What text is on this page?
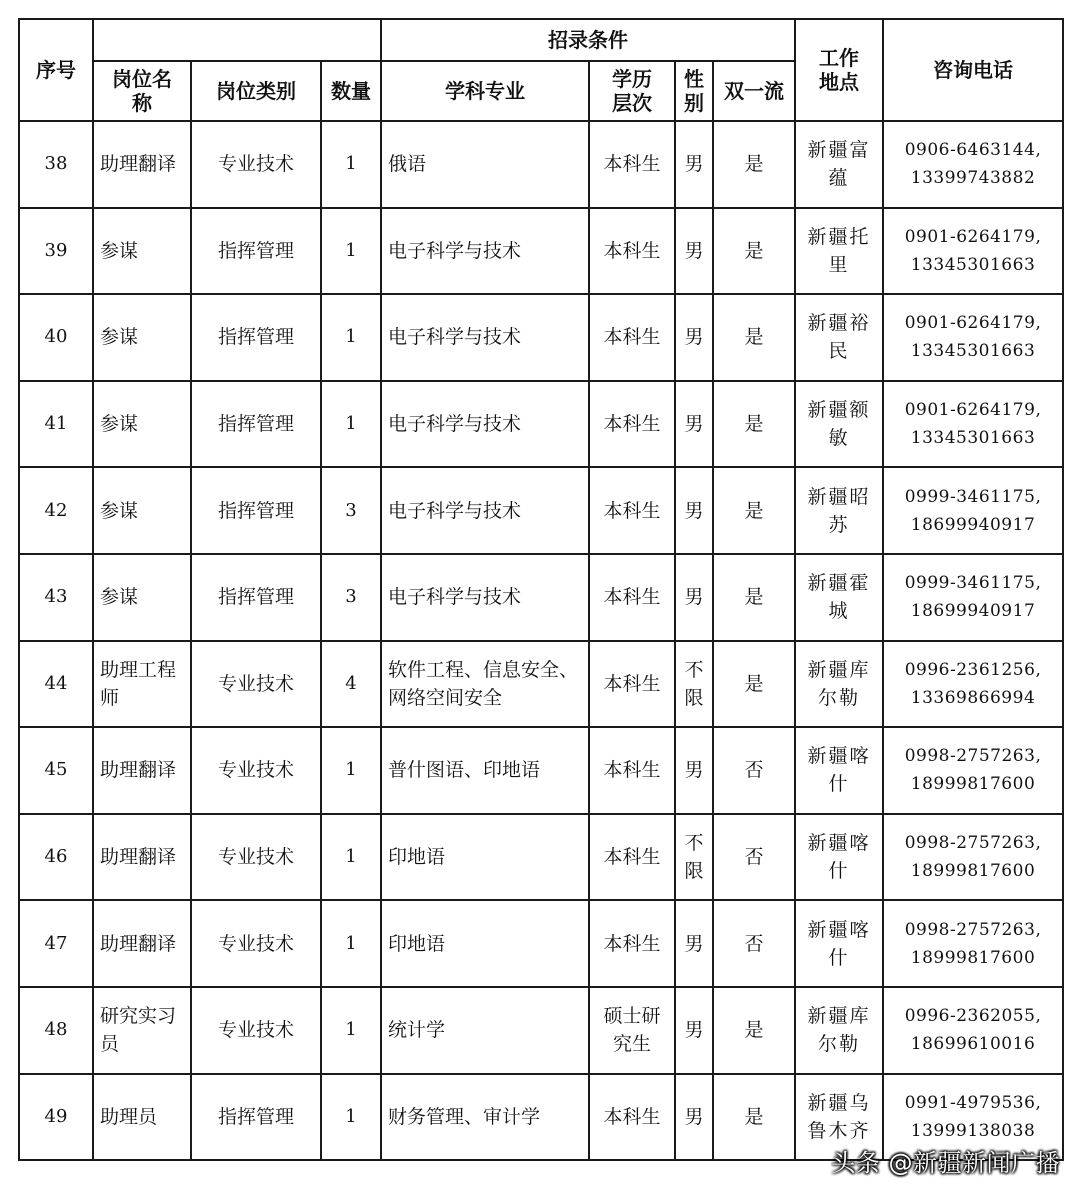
序号				招录条件				工作地点	咨询电话
	岗位名称	岗位类别	数量	学科专业	学历层次	性别	双一流		
38	助理翻译	专业技术	1	俄语	本科生	男	是	新疆富蕴	0906-6463144,
13399743882

39	参谋	指挥管理	1	电子科学与技术	本科生	男	是	新疆托里	0901-6264179,
13345301663

40	参谋	指挥管理	1	电子科学与技术	本科生	男	是	新疆裕民	0901-6264179,
13345301663

41	参谋	指挥管理	1	电子科学与技术	本科生	男	是	新疆额敏	0901-6264179,
13345301663

42	参谋	指挥管理	3	电子科学与技术	本科生	男	是	新疆昭苏	0999-3461175,
18699940917

43	参谋	指挥管理	3	电子科学与技术	本科生	男	是	新疆霍城	0999-3461175,
18699940917

44	助理工程师	专业技术	4	软件工程、信息安全、网络空间安全	本科生	不限	是	新疆库尔勒	0996-2361256,
13369866994

45	助理翻译	专业技术	1	普什图语、印地语	本科生	男	否	新疆喀什	0998-2757263,
18999817600

46	助理翻译	专业技术	1	印地语	本科生	不限	否	新疆喀什	0998-2757263,
18999817600

47	助理翻译	专业技术	1	印地语	本科生	男	否	新疆喀什	0998-2757263,
18999817600

48	研究实习员	专业技术	1	统计学	硕士研究生	男	是	新疆库尔勒	0996-2362055,
18699610016

49	助理员	指挥管理	1	财务管理、审计学	本科生	男	是	新疆乌鲁木齐	0991-4979536,
13999138038
头条 @新疆新闻广播
